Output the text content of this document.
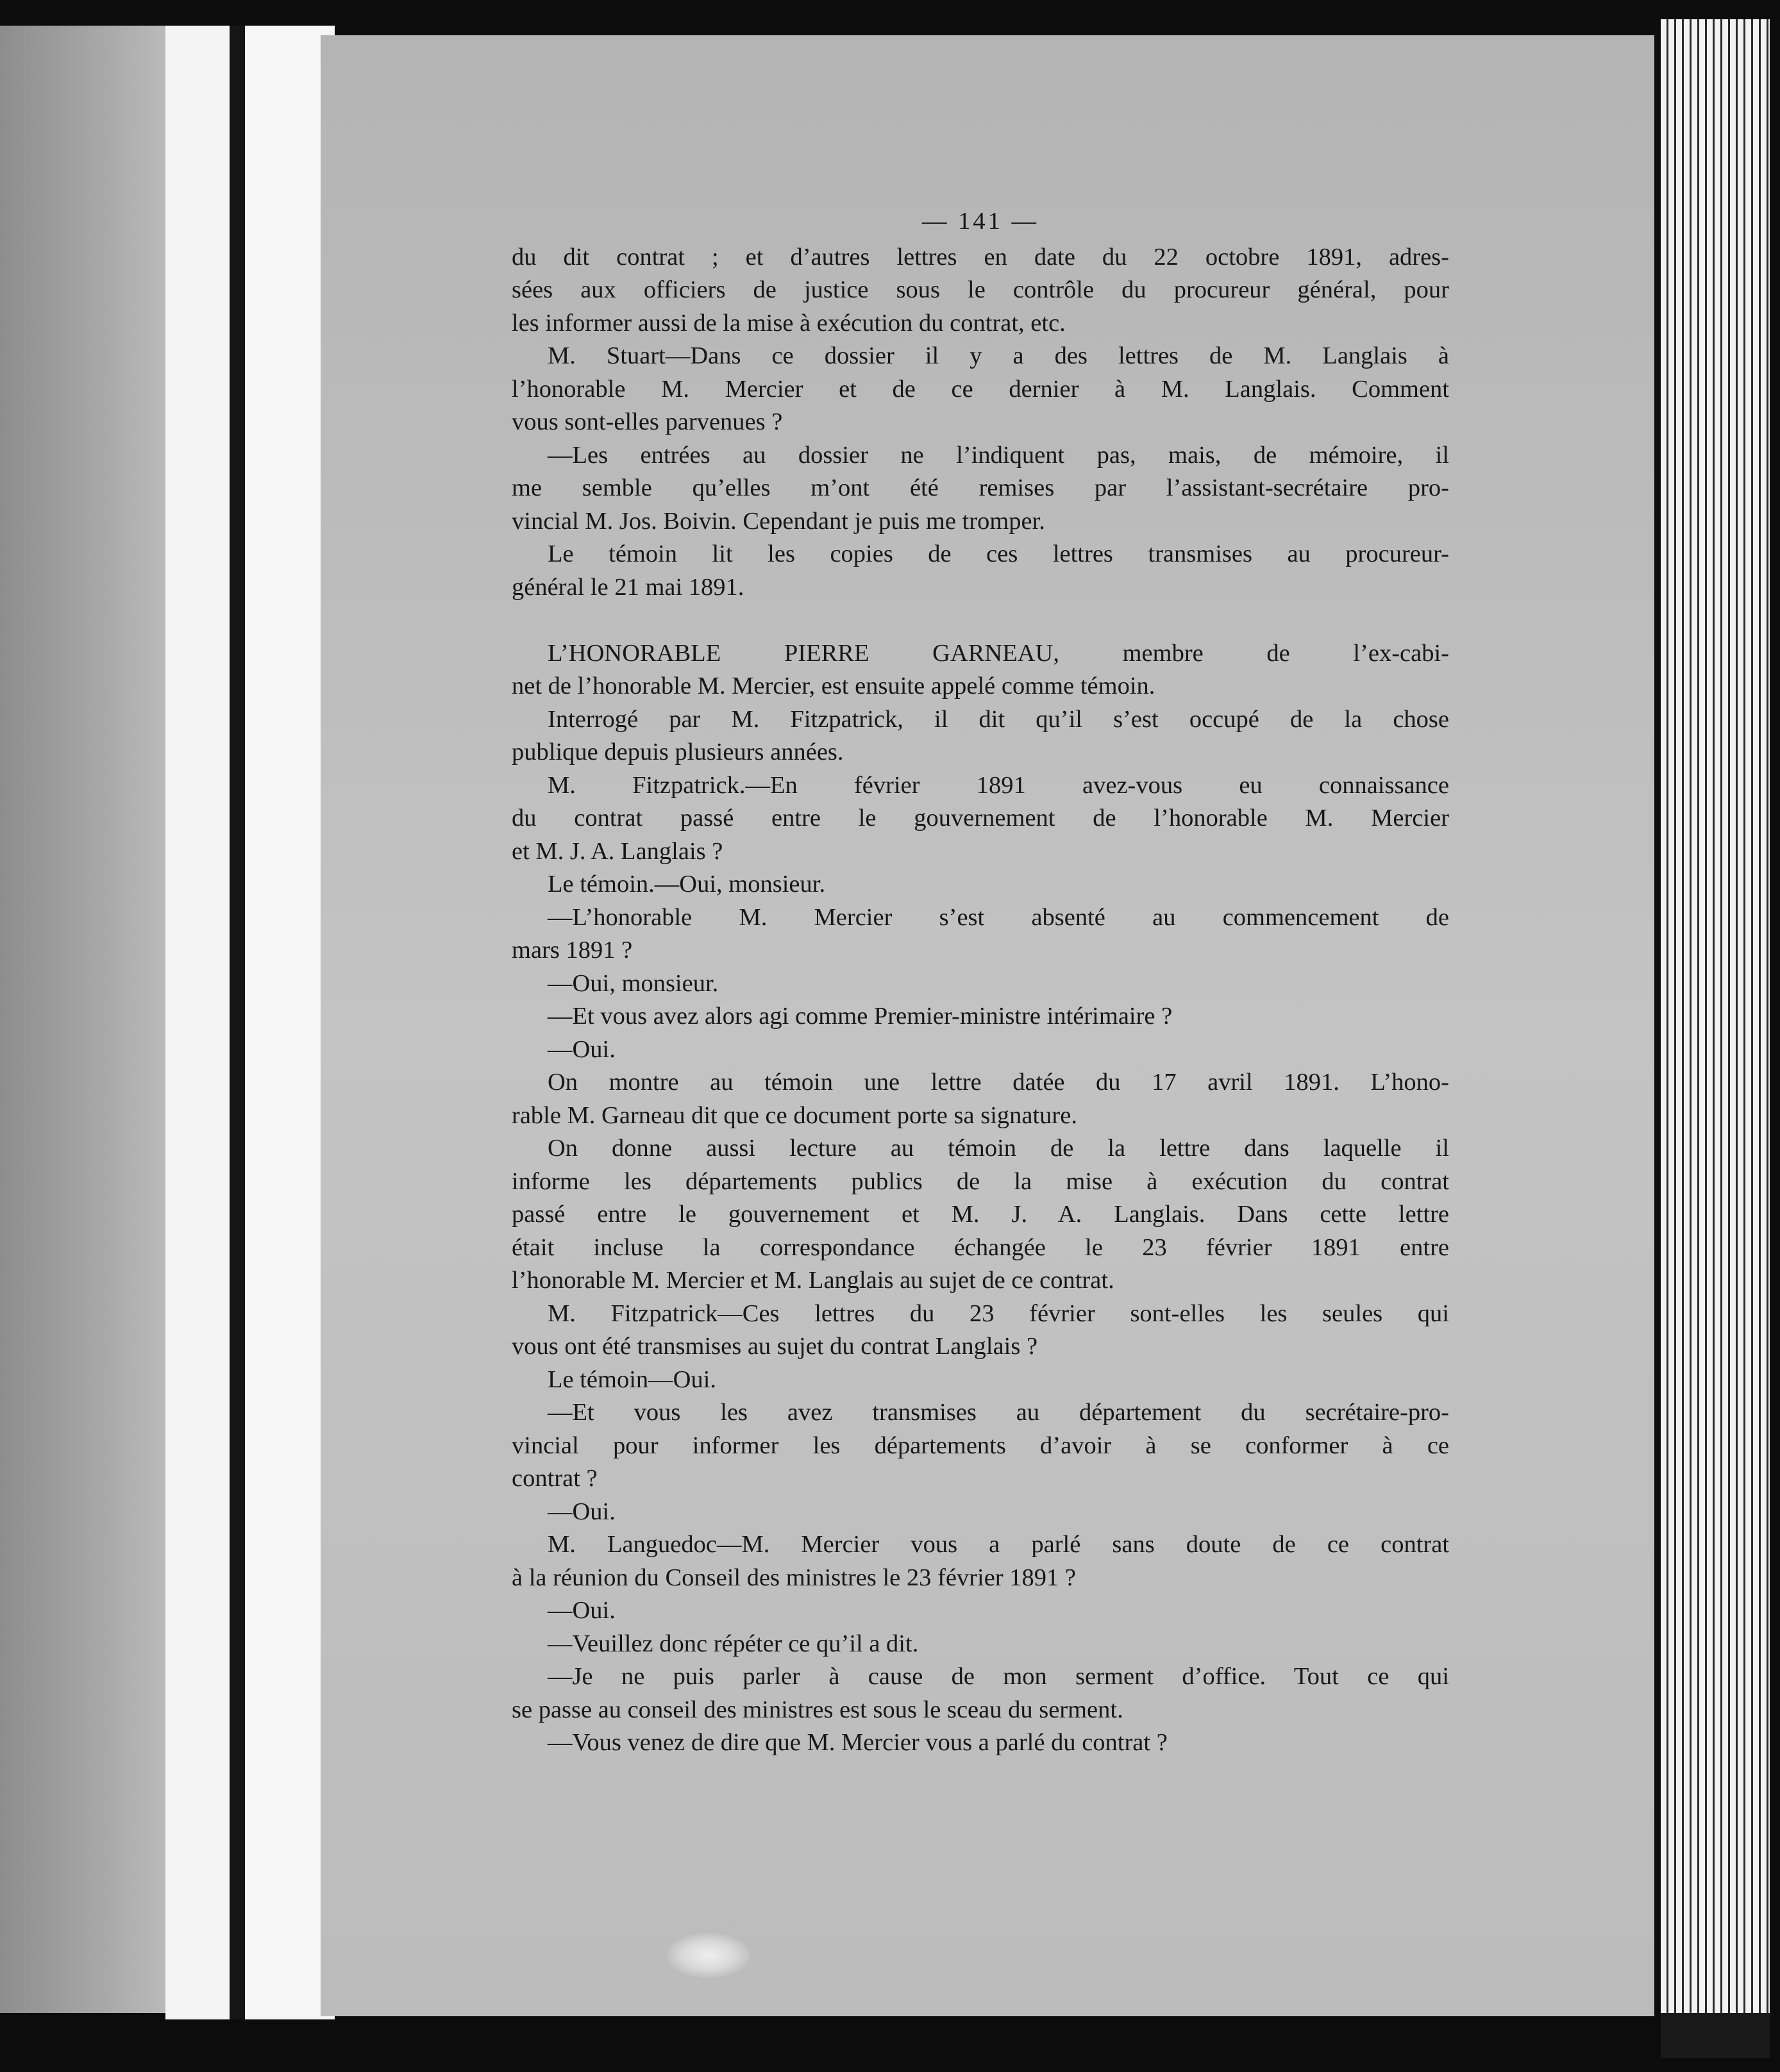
— 141 —
du dit contrat ; et d’autres lettres en date du 22 octobre 1891, adres-
sées aux officiers de justice sous le contrôle du procureur général, pour
les informer aussi de la mise à exécution du contrat, etc.
M. Stuart—Dans ce dossier il y a des lettres de M. Langlais à
l’honorable M. Mercier et de ce dernier à M. Langlais. Comment
vous sont-elles parvenues ?
—Les entrées au dossier ne l’indiquent pas, mais, de mémoire, il
me semble qu’elles m’ont été remises par l’assistant-secrétaire pro-
vincial M. Jos. Boivin. Cependant je puis me tromper.
Le témoin lit les copies de ces lettres transmises au procureur-
général le 21 mai 1891.
L’HONORABLE PIERRE GARNEAU, membre de l’ex-cabi-
net de l’honorable M. Mercier, est ensuite appelé comme témoin.
Interrogé par M. Fitzpatrick, il dit qu’il s’est occupé de la chose
publique depuis plusieurs années.
M. Fitzpatrick.—En février 1891 avez-vous eu connaissance
du contrat passé entre le gouvernement de l’honorable M. Mercier
et M. J. A. Langlais ?
Le témoin.—Oui, monsieur.
—L’honorable M. Mercier s’est absenté au commencement de
mars 1891 ?
—Oui, monsieur.
—Et vous avez alors agi comme Premier-ministre intérimaire ?
—Oui.
On montre au témoin une lettre datée du 17 avril 1891. L’hono-
rable M. Garneau dit que ce document porte sa signature.
On donne aussi lecture au témoin de la lettre dans laquelle il
informe les départements publics de la mise à exécution du contrat
passé entre le gouvernement et M. J. A. Langlais. Dans cette lettre
était incluse la correspondance échangée le 23 février 1891 entre
l’honorable M. Mercier et M. Langlais au sujet de ce contrat.
M. Fitzpatrick—Ces lettres du 23 février sont-elles les seules qui
vous ont été transmises au sujet du contrat Langlais ?
Le témoin—Oui.
—Et vous les avez transmises au département du secrétaire-pro-
vincial pour informer les départements d’avoir à se conformer à ce
contrat ?
—Oui.
M. Languedoc—M. Mercier vous a parlé sans doute de ce contrat
à la réunion du Conseil des ministres le 23 février 1891 ?
—Oui.
—Veuillez donc répéter ce qu’il a dit.
—Je ne puis parler à cause de mon serment d’office. Tout ce qui
se passe au conseil des ministres est sous le sceau du serment.
—Vous venez de dire que M. Mercier vous a parlé du contrat ?
